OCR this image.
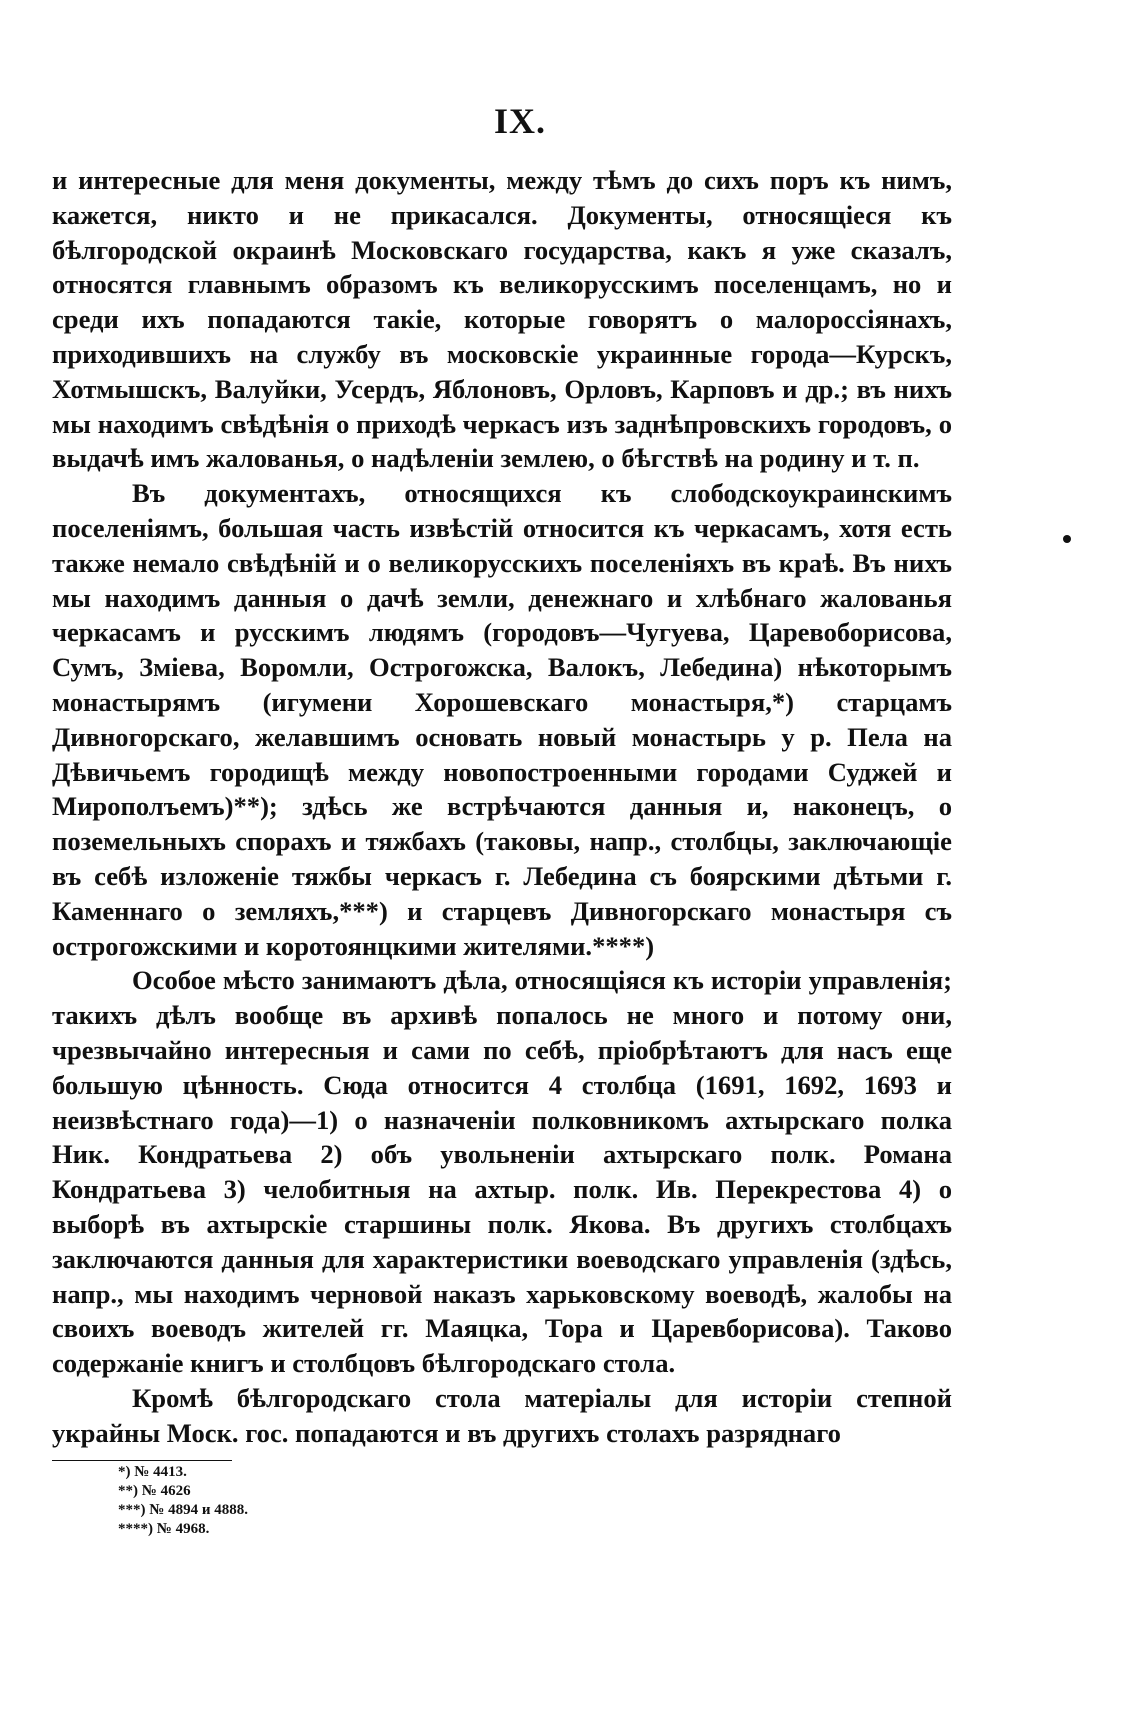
IX.

и интересные для меня документы, между тѣмъ до сихъ поръ къ нимъ, кажется, никто и не прикасался. Документы, относящіеся къ бѣлгородской окраинѣ Московскаго государства, какъ я уже сказалъ, относятся главнымъ образомъ къ великорусскимъ поселенцамъ, но и среди ихъ попадаются такіе, которые говорятъ о малороссіянахъ, приходившихъ на службу въ московскіе украинные города—Курскъ, Хотмышскъ, Валуйки, Усердъ, Яблоновъ, Орловъ, Карповъ и др.; въ нихъ мы находимъ свѣдѣнія о приходѣ черкасъ изъ заднѣпровскихъ городовъ, о выдачѣ имъ жалованья, о надѣленіи землею, о бѣгствѣ на родину и т. п.

Въ документахъ, относящихся къ слободскоукраинскимъ поселеніямъ, большая часть извѣстій относится къ черкасамъ, хотя есть также немало свѣдѣній и о великорусскихъ поселеніяхъ въ краѣ. Въ нихъ мы находимъ данныя о дачѣ земли, денежнаго и хлѣбнаго жалованья черкасамъ и русскимъ людямъ (городовъ—Чугуева, Царевоборисова, Сумъ, Зміева, Воромли, Острогожска, Валокъ, Лебедина) нѣкоторымъ монастырямъ (игумени Хорошевскаго монастыря,*) старцамъ Дивногорскаго, желавшимъ основать новый монастырь у р. Пела на Дѣвичьемъ городищѣ между новопостроенными городами Суджей и Мирополъемъ)**); здѣсь же встрѣчаются данныя и, наконецъ, о поземельныхъ спорахъ и тяжбахъ (таковы, напр., столбцы, заключающіе въ себѣ изложеніе тяжбы черкасъ г. Лебедина съ боярскими дѣтьми г. Каменнаго о земляхъ,***) и старцевъ Дивногорскаго монастыря съ острогожскими и коротоянцкими жителями.****)

Особое мѣсто занимаютъ дѣла, относящіяся къ исторіи управленія; такихъ дѣлъ вообще въ архивѣ попалось не много и потому они, чрезвычайно интересныя и сами по себѣ, пріобрѣтаютъ для насъ еще большую цѣнность. Сюда относится 4 столбца (1691, 1692, 1693 и неизвѣстнаго года)—1) о назначеніи полковникомъ ахтырскаго полка Ник. Кондратьева 2) объ увольненіи ахтырскаго полк. Романа Кондратьева 3) челобитныя на ахтыр. полк. Ив. Перекрестова 4) о выборѣ въ ахтырскіе старшины полк. Якова. Въ другихъ столбцахъ заключаются данныя для характеристики воеводскаго управленія (здѣсь, напр., мы находимъ черновой наказъ харьковскому воеводѣ, жалобы на своихъ воеводъ жителей гг. Маяцка, Тора и Царевборисова). Таково содержаніе книгъ и столбцовъ бѣлгородскаго стола.

Кромѣ бѣлгородскаго стола матеріалы для исторіи степной украйны Моск. гос. попадаются и въ другихъ столахъ разряднаго

*) № 4413.
**) № 4626
***) № 4894 и 4888.
****) № 4968.
